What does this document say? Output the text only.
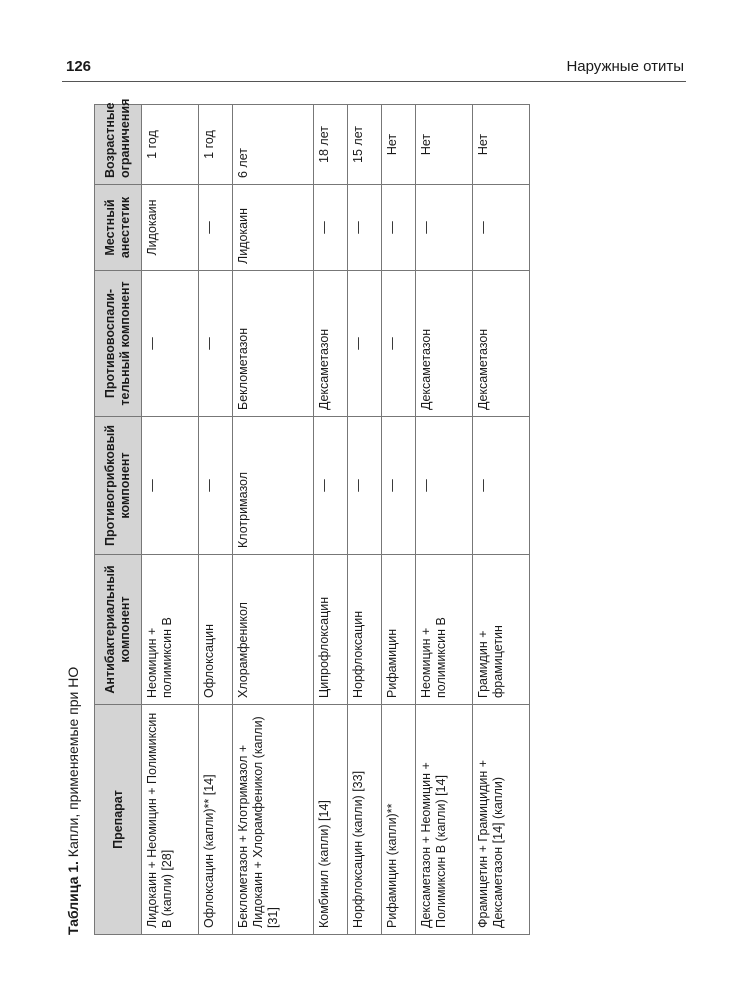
126	Наружные отиты
Таблица 1. Капли, применяемые при НО Препарат	Антибактериальный компонент	Противогрибковый компонент	Противовоспали-тельный компонент	Местный анестетик	Возрастные ограничения
Лидокаин + Неомицин + Полимиксин В (капли) [28]	Неомицин + полимиксин В	—	—	Лидокаин	1 год
Офлоксацин (капли)** [14]	Офлоксацин	—	—	—	1 год
Беклометазон + Клотримазол + Лидокаин + Хлорамфеникол (капли) [31]	Хлорамфеникол	Клотримазол	Беклометазон	Лидокаин	6 лет
Комбинил (капли) [14]	Ципрофлоксацин	—	Дексаметазон	—	18 лет
Норфлоксацин (капли) [33]	Норфлоксацин	—	—	—	15 лет
Рифамицин (капли)**	Рифамицин	—	—	—	Нет
Дексаметазон + Неомицин + Полимиксин В (капли) [14]	Неомицин + полимиксин В	—	Дексаметазон	—	Нет
Фрамицетин + Грамицидин + Дексаметазон [14] (капли)	Грамидин + фрамицетин	—	Дексаметазон	—	Нет
